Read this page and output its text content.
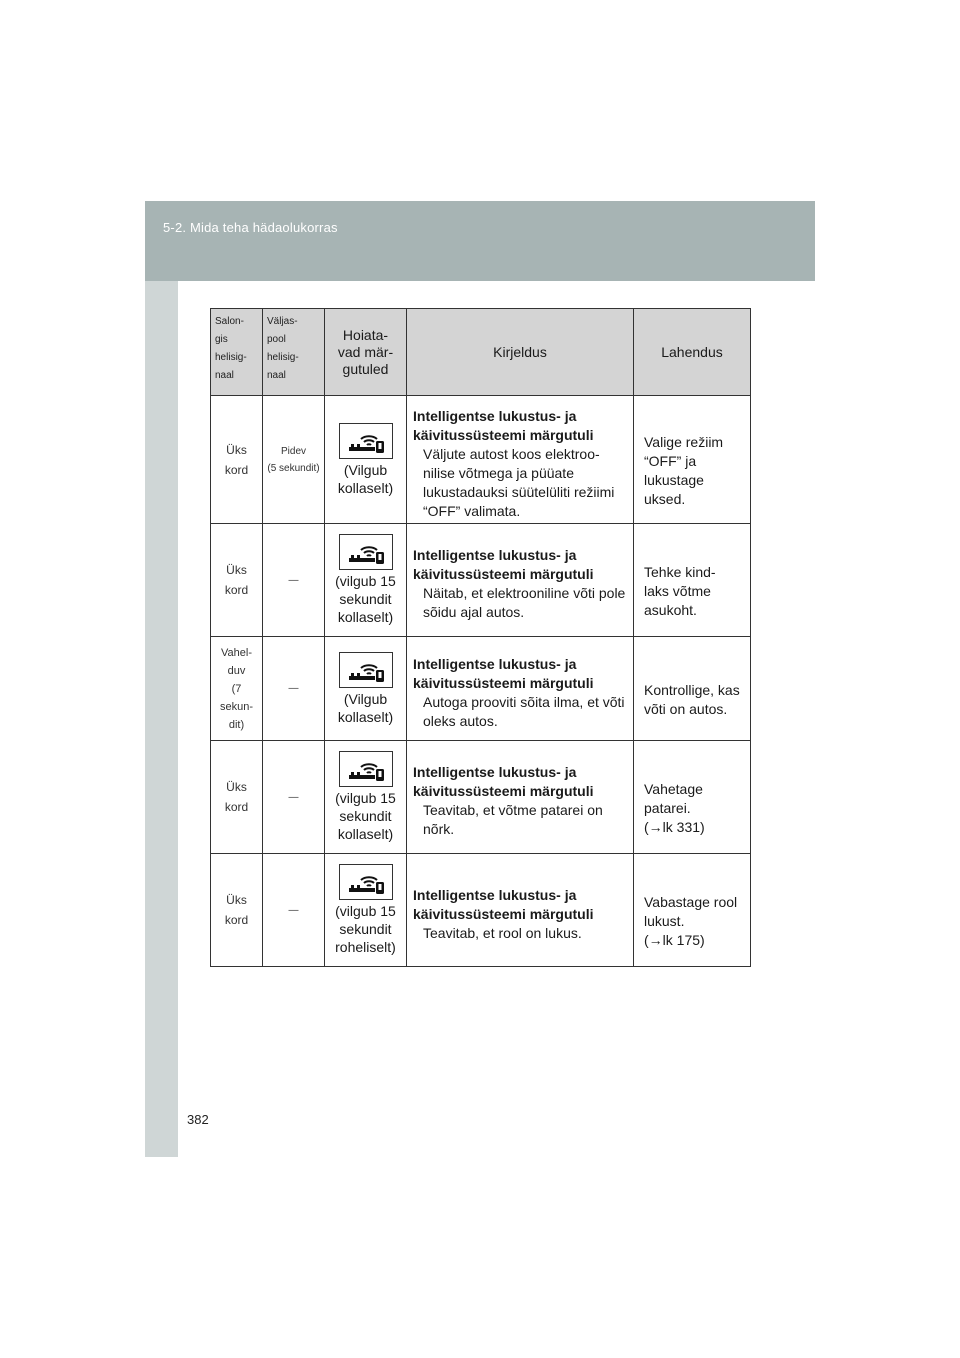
5-2. Mida teha hädaolukorras
Salon-
gis
helisig-
naal	Väljas-
pool
helisig-
naal	Hoiata-
vad mär-
gutuled	Kirjeldus	Lahendus
Üks
kord	Pidev
(5 sekundit)	(Vilgub
kollaselt)	Intelligentse lukustus- ja käivitussüsteemi märgutuli
Väljute autost koos elektroo-nilise võtmega ja püüate lukustadauksi süütelüliti režiimi “OFF” valimata.	Valige režiim “OFF” ja lukustage uksed.

Üks
kord	—	(vilgub 15
sekundit
kollaselt)	Intelligentse lukustus- ja käivitussüsteemi märgutuli
Näitab, et elektrooniline võti pole sõidu ajal autos.	Tehke kind-laks võtme asukoht.

Vahel-
duv
(7
sekun-
dit)	—	(Vilgub
kollaselt)	Intelligentse lukustus- ja käivitussüsteemi märgutuli
Autoga prooviti sõita ilma, et võti oleks autos.	Kontrollige, kas võti on autos.

Üks
kord	—	(vilgub 15
sekundit
kollaselt)	Intelligentse lukustus- ja käivitussüsteemi märgutuli
Teavitab, et võtme patarei on nõrk.	Vahetage patarei.
(→lk 331)

Üks
kord	—	(vilgub 15
sekundit
roheliselt)	Intelligentse lukustus- ja käivitussüsteemi märgutuli
Teavitab, et rool on lukus.	Vabastage rool lukust.
(→lk 175)
382
